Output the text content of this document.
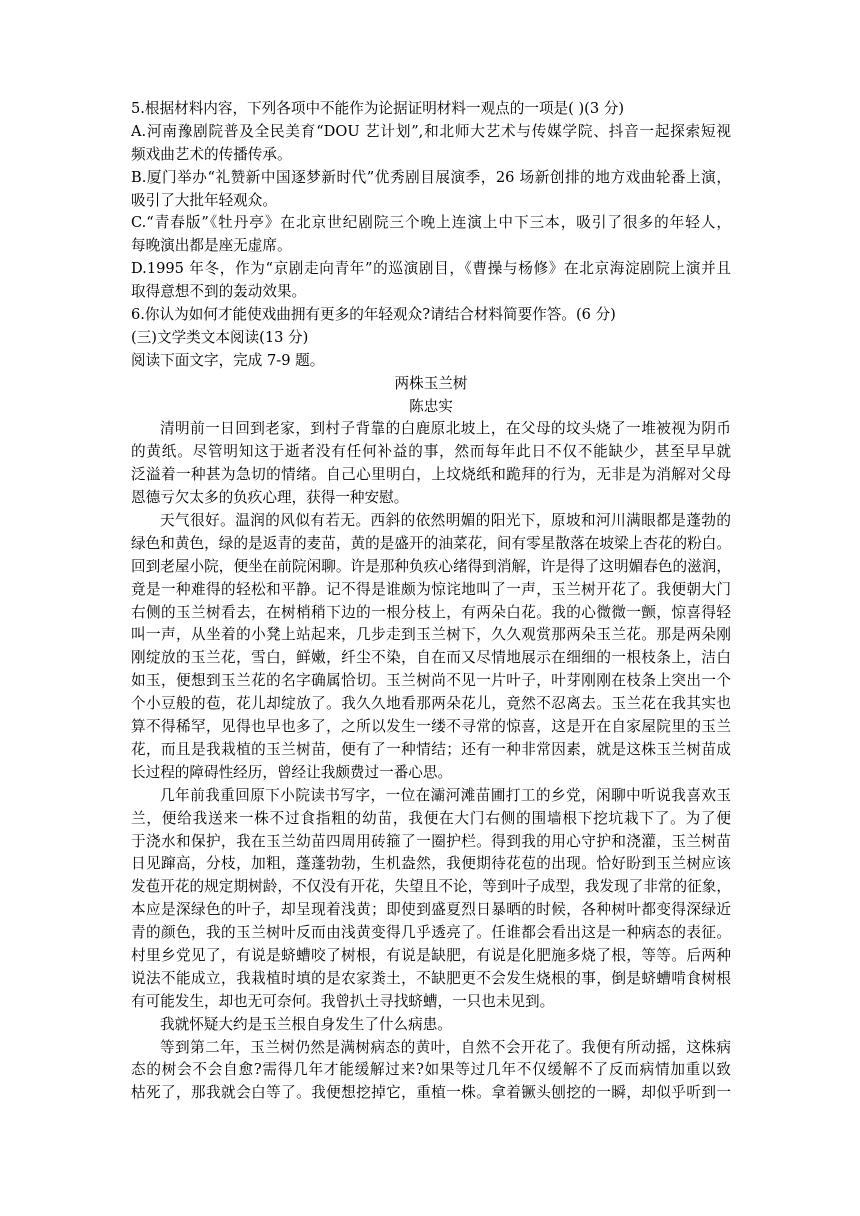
5.根据材料内容，下列各项中不能作为论据证明材料一观点的一项是( )(3 分)
A.河南豫剧院普及全民美育“DOU 艺计划”,和北师大艺术与传媒学院、抖音一起探索短视
频戏曲艺术的传播传承。
B.厦门举办“礼赞新中国逐梦新时代”优秀剧目展演季，26 场新创排的地方戏曲轮番上演，
吸引了大批年轻观众。
C.“青春版”《牡丹亭》在北京世纪剧院三个晚上连演上中下三本，吸引了很多的年轻人，
每晚演出都是座无虚席。
D.1995 年冬，作为“京剧走向青年”的巡演剧目，《曹操与杨修》在北京海淀剧院上演并且
取得意想不到的轰动效果。
6.你认为如何才能使戏曲拥有更多的年轻观众?请结合材料简要作答。(6 分)
(三)文学类文本阅读(13 分)
阅读下面文字，完成 7-9 题。
两株玉兰树
陈忠实
清明前一日回到老家，到村子背靠的白鹿原北坡上，在父母的坟头烧了一堆被视为阴币
的黄纸。尽管明知这于逝者没有任何补益的事，然而每年此日不仅不能缺少，甚至早早就
泛溢着一种甚为急切的情绪。自己心里明白，上坟烧纸和跪拜的行为，无非是为消解对父母
恩德亏欠太多的负疚心理，获得一种安慰。
天气很好。温润的风似有若无。西斜的依然明媚的阳光下，原坡和河川满眼都是蓬勃的
绿色和黄色，绿的是返青的麦苗，黄的是盛开的油菜花，间有零星散落在坡梁上杏花的粉白。
回到老屋小院，便坐在前院闲聊。许是那种负疚心绪得到消解，许是得了这明媚春色的滋润，
竟是一种难得的轻松和平静。记不得是谁颇为惊诧地叫了一声，玉兰树开花了。我便朝大门
右侧的玉兰树看去，在树梢稍下边的一根分枝上，有两朵白花。我的心微微一颤，惊喜得轻
叫一声，从坐着的小凳上站起来，几步走到玉兰树下，久久观赏那两朵玉兰花。那是两朵刚
刚绽放的玉兰花，雪白，鲜嫩，纤尘不染，自在而又尽情地展示在细细的一根枝条上，洁白
如玉，便想到玉兰花的名字确属恰切。玉兰树尚不见一片叶子，叶芽刚刚在枝条上突出一个
个小豆般的苞，花儿却绽放了。我久久地看那两朵花儿，竟然不忍离去。玉兰花在我其实也
算不得稀罕，见得也早也多了，之所以发生一缕不寻常的惊喜，这是开在自家屋院里的玉兰
花，而且是我栽植的玉兰树苗，便有了一种情结；还有一种非常因素，就是这株玉兰树苗成
长过程的障碍性经历，曾经让我颇费过一番心思。
几年前我重回原下小院读书写字，一位在灞河滩苗圃打工的乡党，闲聊中听说我喜欢玉
兰，便给我送来一株不过食指粗的幼苗，我便在大门右侧的围墙根下挖坑栽下了。为了便
于浇水和保护，我在玉兰幼苗四周用砖箍了一圈护栏。得到我的用心守护和浇灌，玉兰树苗
日见蹿高，分枝，加粗，蓬蓬勃勃，生机盎然，我便期待花苞的出现。恰好盼到玉兰树应该
发苞开花的规定期树龄，不仅没有开花，失望且不论，等到叶子成型，我发现了非常的征象，
本应是深绿色的叶子，却呈现着浅黄；即使到盛夏烈日暴晒的时候，各种树叶都变得深绿近
青的颜色，我的玉兰树叶反而由浅黄变得几乎透亮了。任谁都会看出这是一种病态的表征。
村里乡党见了，有说是蛴螬咬了树根，有说是缺肥，有说是化肥施多烧了根，等等。后两种
说法不能成立，我栽植时填的是农家粪土，不缺肥更不会发生烧根的事，倒是蛴螬啃食树根
有可能发生，却也无可奈何。我曾扒土寻找蛴螬，一只也未见到。
我就怀疑大约是玉兰根自身发生了什么病患。
等到第二年，玉兰树仍然是满树病态的黄叶，自然不会开花了。我便有所动摇，这株病
态的树会不会自愈?需得几年才能缓解过来?如果等过几年不仅缓解不了反而病情加重以致
枯死了，那我就会白等了。我便想挖掉它，重植一株。拿着镢头刨挖的一瞬，却似乎听到一
